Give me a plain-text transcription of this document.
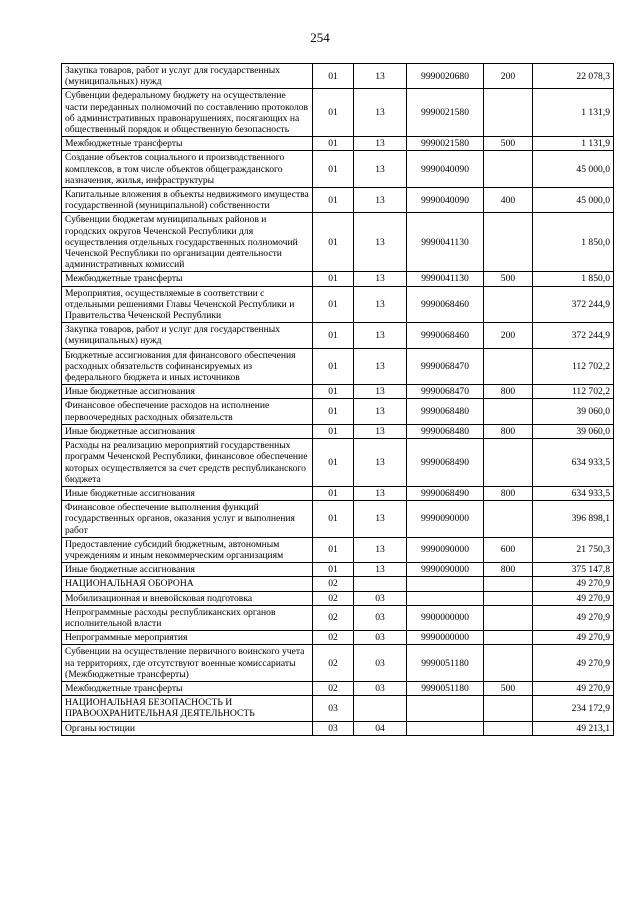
254
Закупка товаров, работ и услуг для государственных (муниципальных) нужд	01	13	9990020680	200	22 078,3
Субвенции федеральному бюджету на осуществление части переданных полномочий по составлению протоколов об административных правонарушениях, посягающих на общественный порядок и общественную безопасность	01	13	9990021580		1 131,9
Межбюджетные трансферты	01	13	9990021580	500	1 131,9
Создание объектов социального и производственного комплексов, в том числе объектов общегражданского назначения, жилья, инфраструктуры	01	13	9990040090		45 000,0
Капитальные вложения в объекты недвижимого имущества государственной (муниципальной) собственности	01	13	9990040090	400	45 000,0
Субвенции бюджетам муниципальных районов и городских округов Чеченской Республики для осуществления отдельных государственных полномочий Чеченской Республики по организации деятельности административных комиссий	01	13	9990041130		1 850,0
Межбюджетные трансферты	01	13	9990041130	500	1 850,0
Мероприятия, осуществляемые в соответствии с отдельными решениями Главы Чеченской Республики и Правительства Чеченской Республики	01	13	9990068460		372 244,9
Закупка товаров, работ и услуг для государственных (муниципальных) нужд	01	13	9990068460	200	372 244,9
Бюджетные ассигнования для финансового обеспечения расходных обязательств софинансируемых из федерального бюджета и иных источников	01	13	9990068470		112 702,2
Иные бюджетные ассигнования	01	13	9990068470	800	112 702,2
Финансовое обеспечение расходов на исполнение первоочередных расходных обязательств	01	13	9990068480		39 060,0
Иные бюджетные ассигнования	01	13	9990068480	800	39 060,0
Расходы на реализацию мероприятий государственных программ Чеченской Республики, финансовое обеспечение которых осуществляется за счет средств республиканского бюджета	01	13	9990068490		634 933,5
Иные бюджетные ассигнования	01	13	9990068490	800	634 933,5
Финансовое обеспечение выполнения функций государственных органов, оказания услуг и выполнения работ	01	13	9990090000		396 898,1
Предоставление субсидий бюджетным, автономным учреждениям и иным некоммерческим организациям	01	13	9990090000	600	21 750,3
Иные бюджетные ассигнования	01	13	9990090000	800	375 147,8
НАЦИОНАЛЬНАЯ ОБОРОНА	02				49 270,9
Мобилизационная и вневойсковая подготовка	02	03			49 270,9
Непрограммные расходы республиканских органов исполнительной власти	02	03	9900000000		49 270,9
Непрограммные мероприятия	02	03	9990000000		49 270,9
Субвенции на осуществление первичного воинского учета на территориях, где отсутствуют военные комиссариаты (Межбюджетные трансферты)	02	03	9990051180		49 270,9
Межбюджетные трансферты	02	03	9990051180	500	49 270,9
НАЦИОНАЛЬНАЯ БЕЗОПАСНОСТЬ И ПРАВООХРАНИТЕЛЬНАЯ ДЕЯТЕЛЬНОСТЬ	03				234 172,9
Органы юстиции	03	04			49 213,1
